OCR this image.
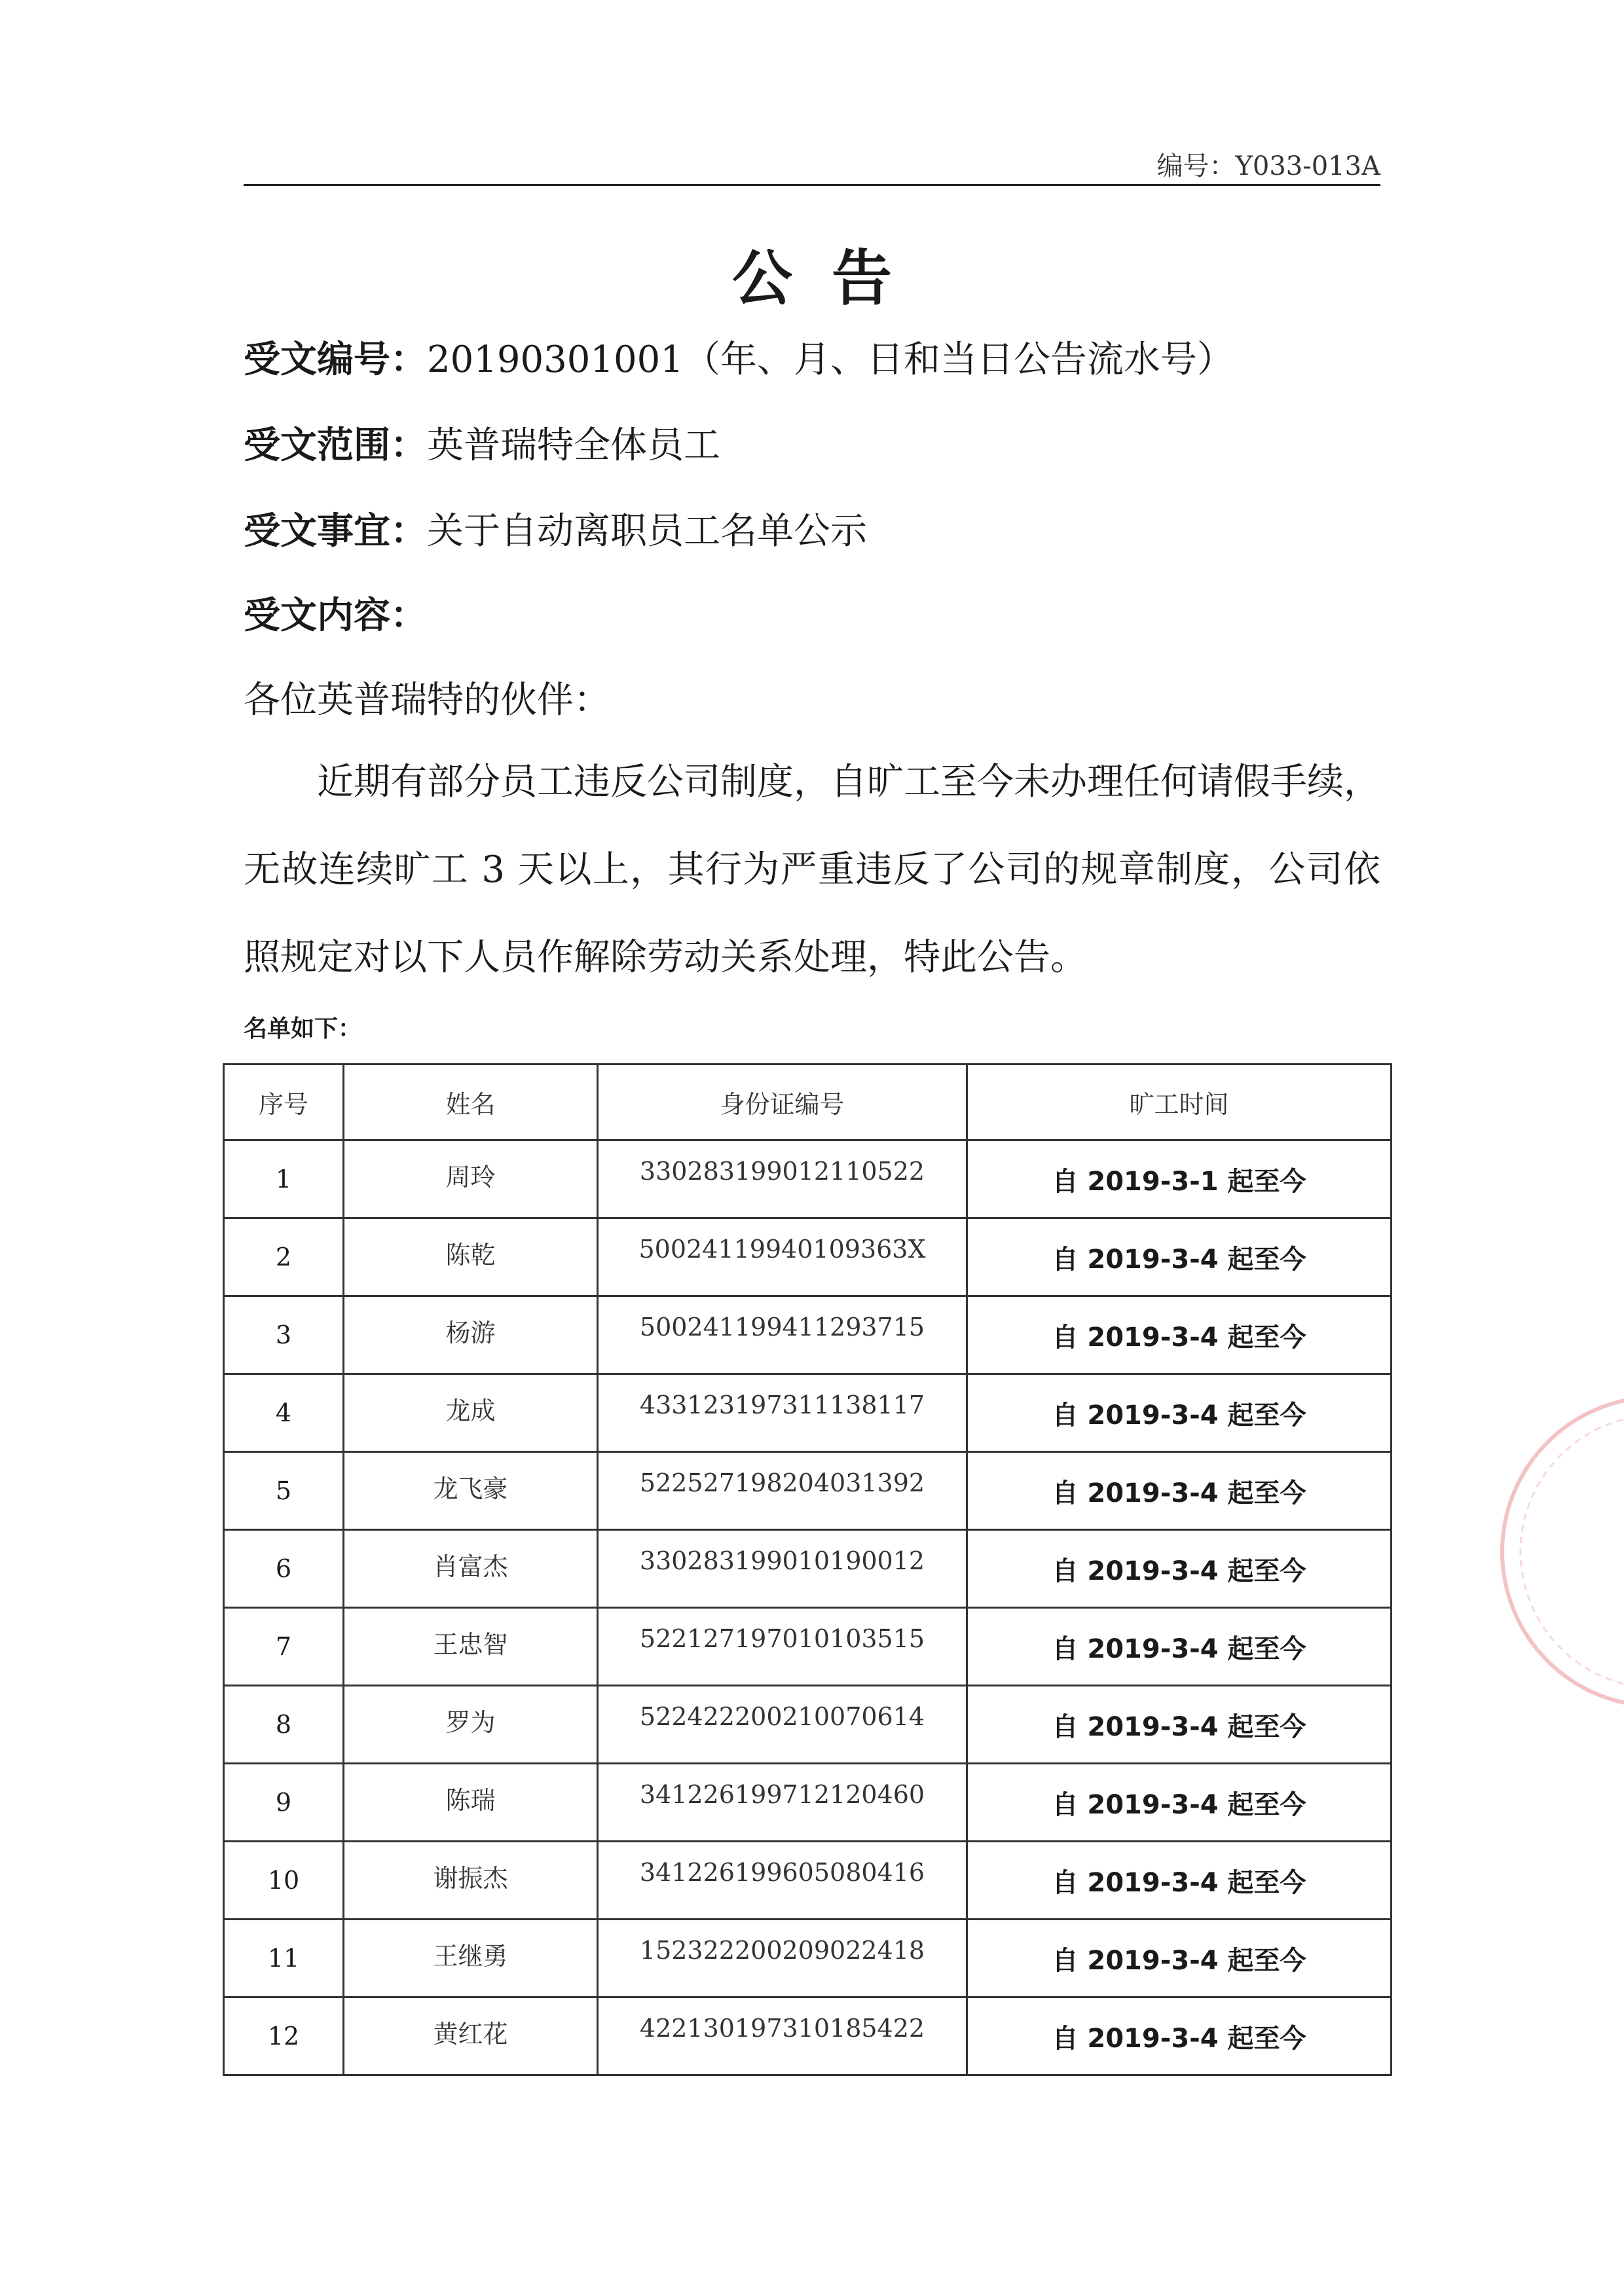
编号：Y033-013A
公告
受文编号：20190301001（年、月、日和当日公告流水号）
受文范围：英普瑞特全体员工
受文事宜：关于自动离职员工名单公示
受文内容：
各位英普瑞特的伙伴：
近期有部分员工违反公司制度，自旷工至今未办理任何请假手续，无故连续旷工 3 天以上，其行为严重违反了公司的规章制度，公司依照规定对以下人员作解除劳动关系处理，特此公告。
名单如下：
序号	姓名	身份证编号	旷工时间
1	周玲	330283199012110522	自 2019-3-1 起至今
2	陈乾	50024119940109363X	自 2019-3-4 起至今
3	杨游	500241199411293715	自 2019-3-4 起至今
4	龙成	433123197311138117	自 2019-3-4 起至今
5	龙飞豪	522527198204031392	自 2019-3-4 起至今
6	肖富杰	330283199010190012	自 2019-3-4 起至今
7	王忠智	522127197010103515	自 2019-3-4 起至今
8	罗为	522422200210070614	自 2019-3-4 起至今
9	陈瑞	341226199712120460	自 2019-3-4 起至今
10	谢振杰	341226199605080416	自 2019-3-4 起至今
11	王继勇	152322200209022418	自 2019-3-4 起至今
12	黄红花	422130197310185422	自 2019-3-4 起至今
